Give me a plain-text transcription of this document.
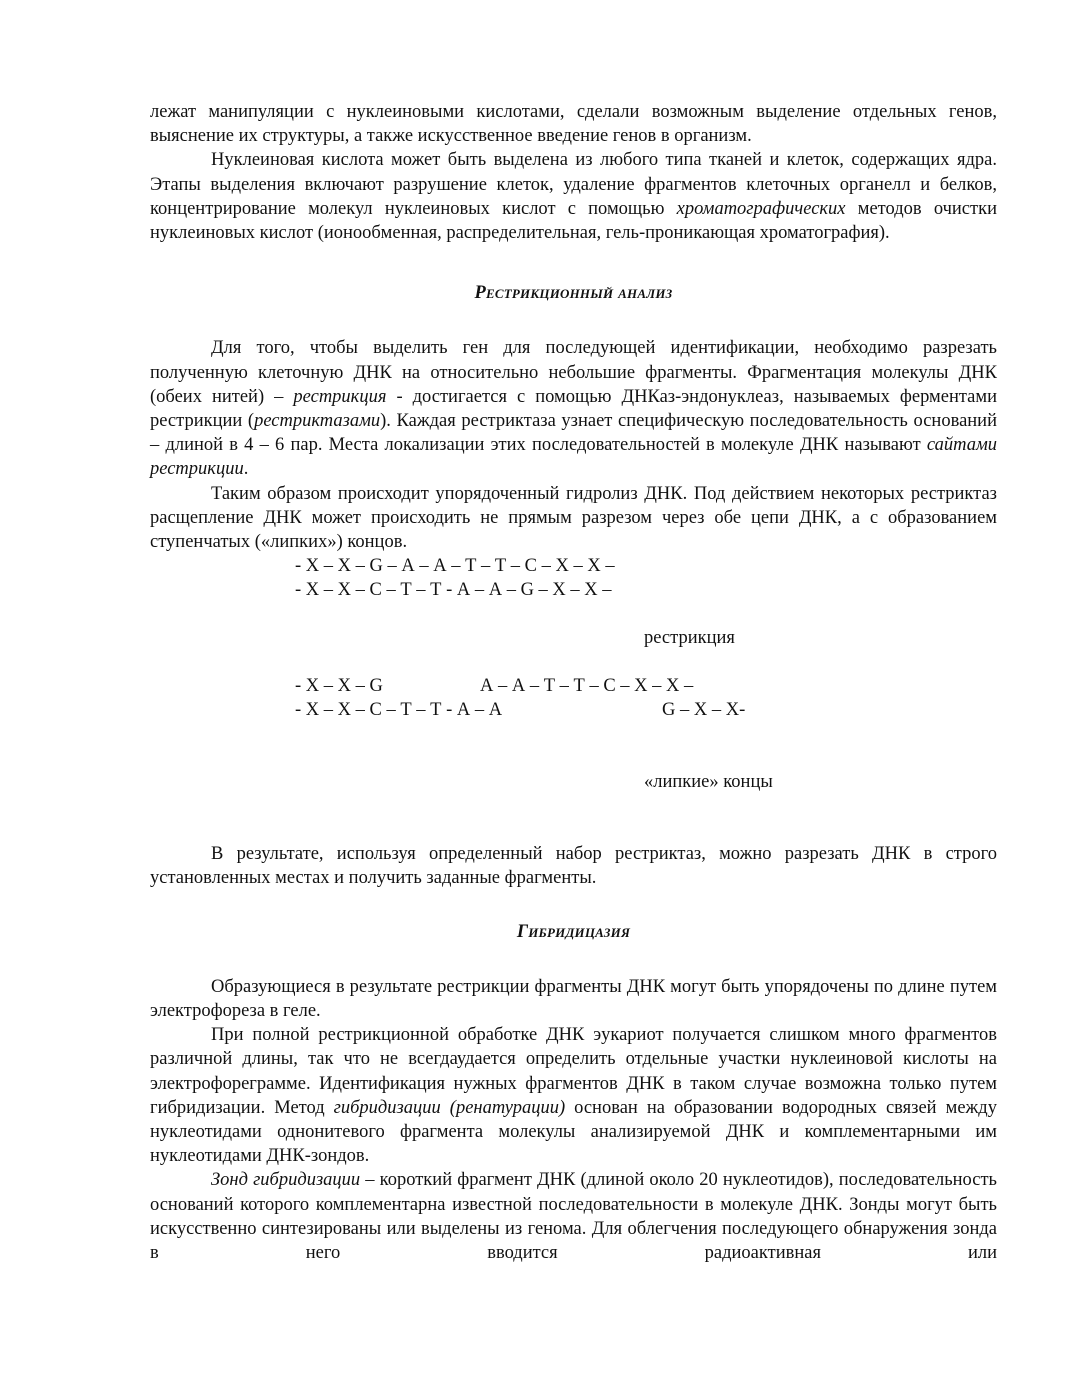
лежат манипуляции с нуклеиновыми кислотами, сделали возможным выделение отдельных генов, выяснение их структуры, а также искусственное введение генов в организм.

Нуклеиновая кислота может быть выделена из любого типа тканей и клеток, содержащих ядра. Этапы выделения включают разрушение клеток, удаление фрагментов клеточных органелл и белков, концентрирование молекул нуклеиновых кислот с помощью хроматографических методов очистки нуклеиновых кислот (ионообменная, распределительная, гель-проникающая хроматография).

Рестрикционный анализ

Для того, чтобы выделить ген для последующей идентификации, необходимо разрезать полученную клеточную ДНК на относительно небольшие фрагменты. Фрагментация молекулы ДНК (обеих нитей) – рестрикция - достигается с помощью ДНКаз-эндонуклеаз, называемых ферментами рестрикции (рестриктазами). Каждая рестриктаза узнает специфическую последовательность оснований – длиной в 4 – 6 пар. Места локализации этих последовательностей в молекуле ДНК называют сайтами рестрикции.

Таким образом происходит упорядоченный гидролиз ДНК. Под действием некоторых рестриктаз расщепление ДНК может происходить не прямым разрезом через обе цепи ДНК, а с образованием ступенчатых («липких») концов.

- Х – Х – G – А – А – Т – Т – С – Х – Х –
- Х – Х – С – Т – Т - А – А – G – Х – Х –
рестрикция
- Х – Х – G	А – А – Т – Т – С – Х – Х –
- Х – Х – С – Т – Т - А – А	G – Х – Х-
«липкие» концы

В результате, используя определенный набор рестриктаз, можно разрезать ДНК в строго установленных местах и получить заданные фрагменты.

Гибридицазия

Образующиеся в результате рестрикции фрагменты ДНК могут быть упорядочены по длине путем электрофореза в геле.

При полной рестрикционной обработке ДНК эукариот получается слишком много фрагментов различной длины, так что не всегдаудается определить отдельные участки нуклеиновой кислоты на электрофореграмме. Идентификация нужных фрагментов ДНК в таком случае возможна только путем гибридизации. Метод гибридизации (ренатурации) основан на образовании водородных связей между нуклеотидами однонитевого фрагмента молекулы анализируемой ДНК и комплементарными им нуклеотидами ДНК-зондов.

Зонд гибридизации – короткий фрагмент ДНК (длиной около 20 нуклеотидов), последовательность оснований которого комплементарна известной последовательности в молекуле ДНК. Зонды могут быть искусственно синтезированы или выделены из генома. Для облегчения последующего обнаружения зонда в него вводится радиоактивная или
